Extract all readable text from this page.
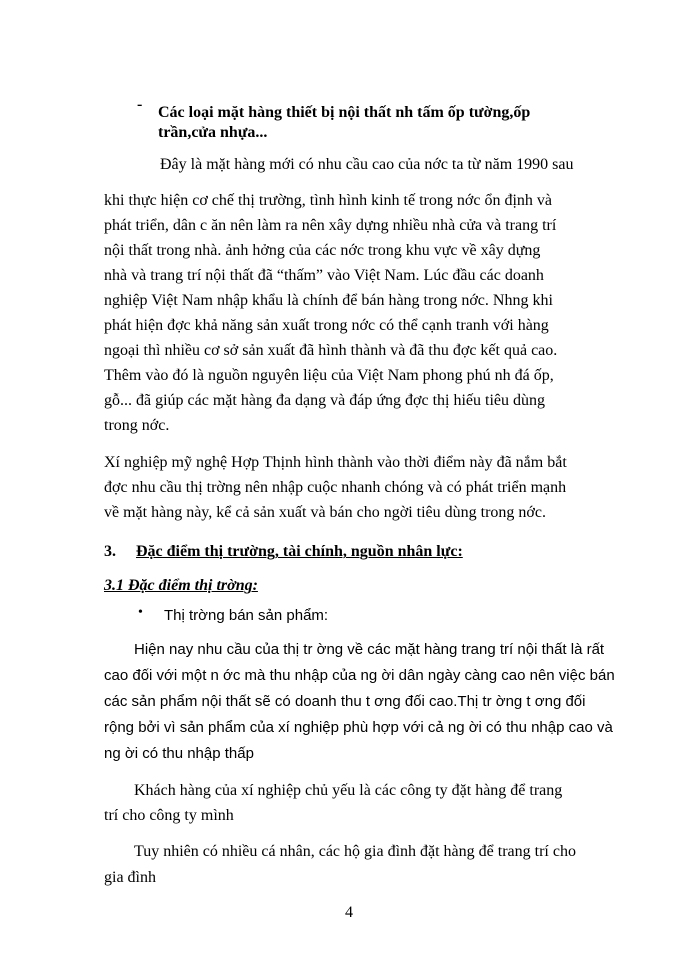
- Các loại mặt hàng thiết bị nội thất nh tấm ốp tường,ốp
trần,cửa nhựa...
Đây là mặt hàng mới có nhu cầu cao của nớc ta từ năm 1990 sau
khi thực hiện cơ chế thị trường, tình hình kinh tế trong nớc ổn định và
phát triển, dân c ăn nên làm ra nên xây dựng nhiều nhà cửa và trang trí
nội thất trong nhà. ảnh hởng của các nớc trong khu vực về xây dựng
nhà và trang trí nội thất đã “thấm” vào Việt Nam. Lúc đầu các doanh
nghiệp Việt Nam nhập khẩu là chính để bán hàng trong nớc. Nhng khi
phát hiện đợc khả năng sản xuất trong nớc có thể cạnh tranh với hàng
ngoại thì nhiều cơ sở sản xuất đã hình thành và đã thu đợc kết quả cao.
Thêm vào đó là nguồn nguyên liệu của Việt Nam phong phú nh đá ốp,
gỗ... đã giúp các mặt hàng đa dạng và đáp ứng đợc thị hiếu tiêu dùng
trong nớc.
Xí nghiệp mỹ nghệ Hợp Thịnh hình thành vào thời điểm này đã nắm bắt
đợc nhu cầu thị trờng nên nhập cuộc nhanh chóng và có phát triển mạnh
về mặt hàng này, kể cả sản xuất và bán cho ngời tiêu dùng trong nớc.
3. Đặc điểm thị trường, tài chính, nguồn nhân lực:
3.1 Đặc điểm thị trờng:
• Thị trờng bán sản phẩm:
Hiện nay nhu cầu của thị tr ờng về các mặt hàng trang trí nội thất là rất
cao đối với một n ớc mà thu nhập của ng ời dân ngày càng cao nên việc bán
các sản phẩm nội thất sẽ có doanh thu t ơng đối cao.Thị tr ờng t ơng đối
rộng bởi vì sản phẩm của xí nghiệp phù hợp với cả ng ời có thu nhập cao và
ng ời có thu nhập thấp
Khách hàng của xí nghiệp chủ yếu là các công ty đặt hàng để trang
trí cho công ty mình
Tuy nhiên có nhiều cá nhân, các hộ gia đình đặt hàng để trang trí cho
gia đình
4
